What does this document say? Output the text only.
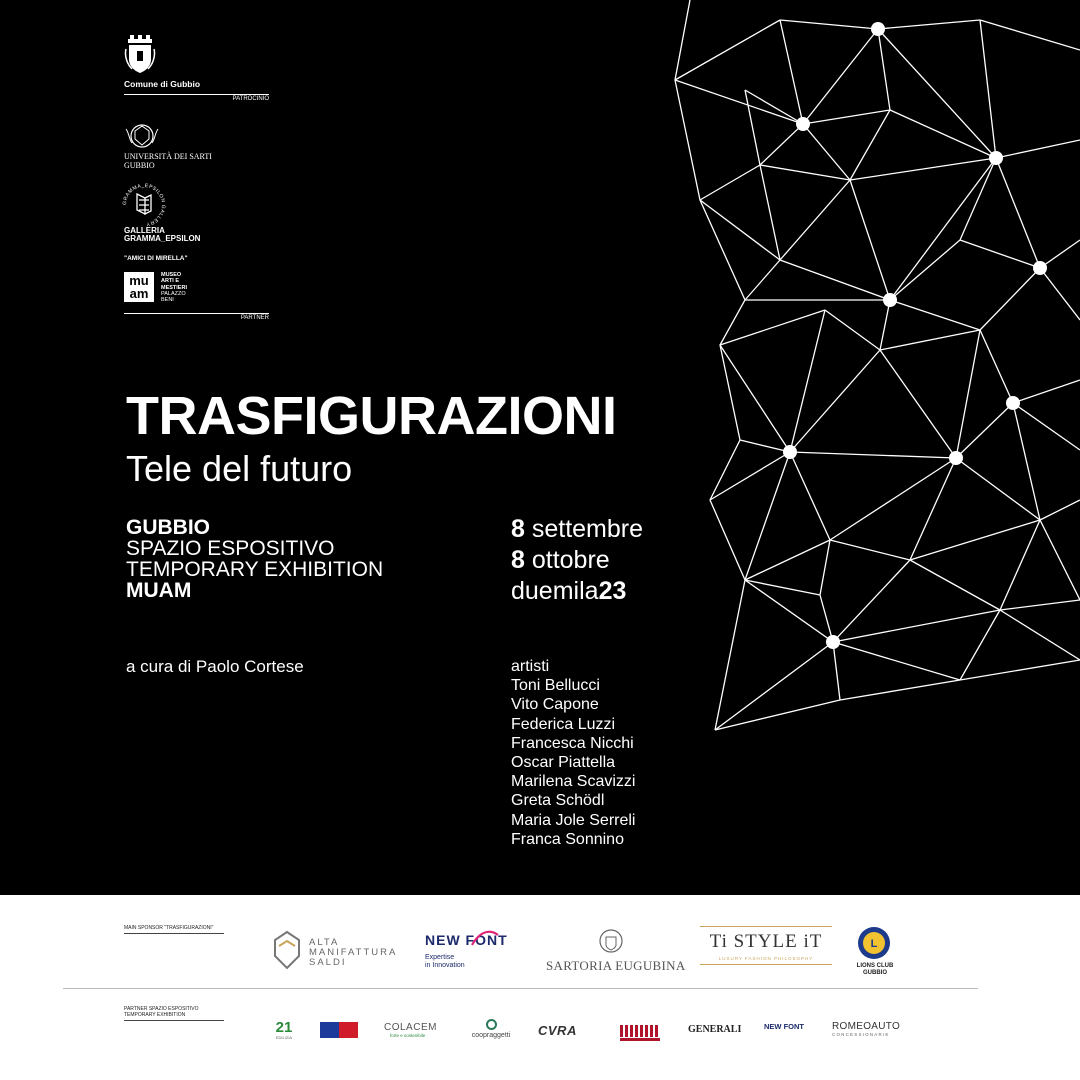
Comune di Gubbio
PATROCINIO
UNIVERSITÀ DEI SARTI
GUBBIO
GRAMMA_EPSILON GALLERY
GALLERIA
GRAMMA_EPSILON
"AMICI DI MIRELLA"
mu
am
MUSEO
ARTI E
MESTIERI
PALAZZO
BENI
PARTNER
TRASFIGURAZIONI
Tele del futuro
GUBBIO
SPAZIO ESPOSITIVO
TEMPORARY EXHIBITION
MUAM
8 settembre
8 ottobre
duemila23
a cura di Paolo Cortese	artisti
Toni Bellucci
Vito Capone
Federica Luzzi
Francesca Nicchi
Oscar Piattella
Marilena Scavizzi
Greta Schödl
Maria Jole Serreli
Franca Sonnino
MAIN SPONSOR "TRASFIGURAZIONI"
ALTA
MANIFATTURA
SALDI
NEW FONT
Expertise
in Innovation	SARTORIA EUGUBINA
Ti STYLE iT
LUXURY FASHION PHILOSOPHY
L
LIONS CLUB
GUBBIO
PARTNER SPAZIO ESPOSITIVO
TEMPORARY EXHIBITION
21
EDILIZIA
COLACEM
forte e sostenibile	coopraggetti	CVRA	GENERALI	NEW FONT	ROMEOAUTO
CONCESSIONARIE
